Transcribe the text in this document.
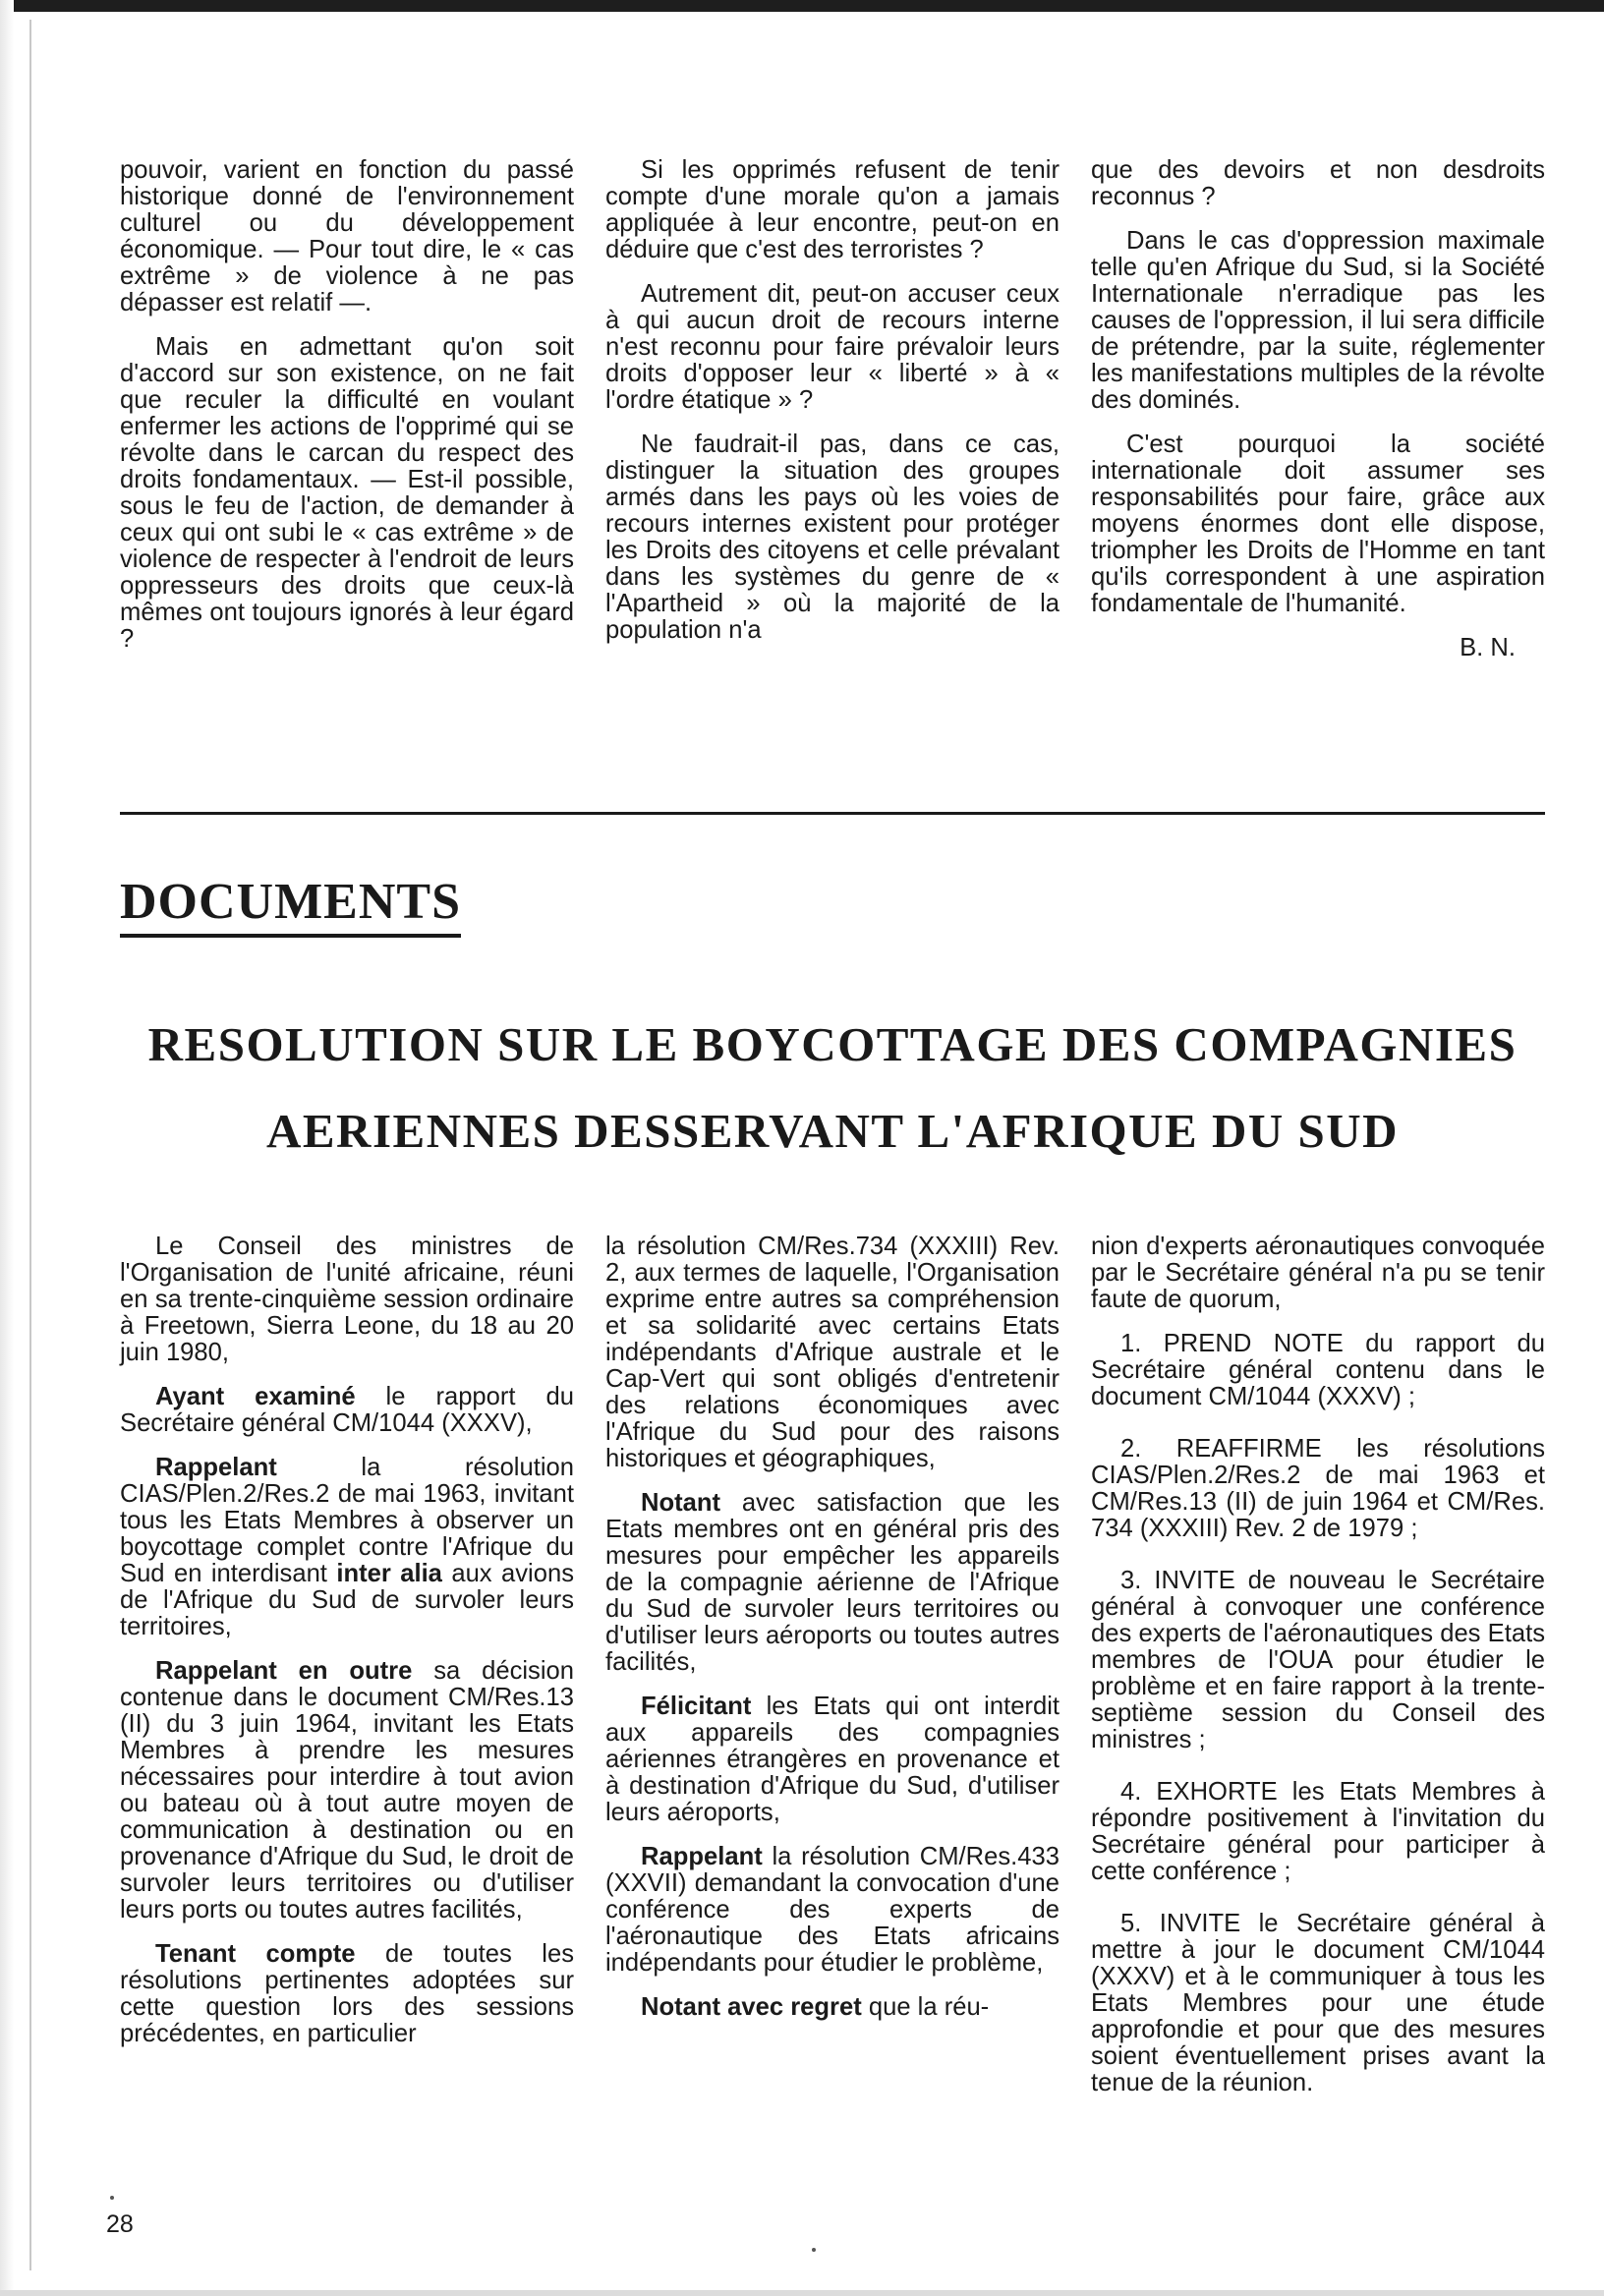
pouvoir, varient en fonction du passé historique donné de l'environnement culturel ou du développement économique. — Pour tout dire, le « cas extrême » de violence à ne pas dépasser est relatif —.

Mais en admettant qu'on soit d'accord sur son existence, on ne fait que reculer la difficulté en voulant enfermer les actions de l'opprimé qui se révolte dans le carcan du respect des droits fondamentaux. — Est-il possible, sous le feu de l'action, de demander à ceux qui ont subi le « cas extrême » de violence de respecter à l'endroit de leurs oppresseurs des droits que ceux-là mêmes ont toujours ignorés à leur égard ?

Si les opprimés refusent de tenir compte d'une morale qu'on a jamais appliquée à leur encontre, peut-on en déduire que c'est des terroristes ?

Autrement dit, peut-on accuser ceux à qui aucun droit de recours interne n'est reconnu pour faire prévaloir leurs droits d'opposer leur « liberté » à « l'ordre étatique » ?

Ne faudrait-il pas, dans ce cas, distinguer la situation des groupes armés dans les pays où les voies de recours internes existent pour protéger les Droits des citoyens et celle prévalant dans les systèmes du genre de « l'Apartheid » où la majorité de la population n'a

que des devoirs et non desdroits reconnus ?

Dans le cas d'oppression maximale telle qu'en Afrique du Sud, si la Société Internationale n'erradique pas les causes de l'oppression, il lui sera difficile de prétendre, par la suite, réglementer les manifestations multiples de la révolte des dominés.

C'est pourquoi la société internationale doit assumer ses responsabilités pour faire, grâce aux moyens énormes dont elle dispose, triompher les Droits de l'Homme en tant qu'ils correspondent à une aspiration fondamentale de l'humanité.

B. N.

DOCUMENTS
RESOLUTION SUR LE BOYCOTTAGE DES COMPAGNIES
AERIENNES DESSERVANT L'AFRIQUE DU SUD

Le Conseil des ministres de l'Organisation de l'unité africaine, réuni en sa trente-cinquième session ordinaire à Freetown, Sierra Leone, du 18 au 20 juin 1980,

Ayant examiné le rapport du Secrétaire général CM/1044 (XXXV),

Rappelant la résolution CIAS/Plen.2/Res.2 de mai 1963, invitant tous les Etats Membres à observer un boycottage complet contre l'Afrique du Sud en interdisant inter alia aux avions de l'Afrique du Sud de survoler leurs territoires,

Rappelant en outre sa décision contenue dans le document CM/Res.13 (II) du 3 juin 1964, invitant les Etats Membres à prendre les mesures nécessaires pour interdire à tout avion ou bateau où à tout autre moyen de communication à destination ou en provenance d'Afrique du Sud, le droit de survoler leurs territoires ou d'utiliser leurs ports ou toutes autres facilités,

Tenant compte de toutes les résolutions pertinentes adoptées sur cette question lors des sessions précédentes, en particulier

la résolution CM/Res.734 (XXXIII) Rev. 2, aux termes de laquelle, l'Organisation exprime entre autres sa compréhension et sa solidarité avec certains Etats indépendants d'Afrique australe et le Cap-Vert qui sont obligés d'entretenir des relations économiques avec l'Afrique du Sud pour des raisons historiques et géographiques,

Notant avec satisfaction que les Etats membres ont en général pris des mesures pour empêcher les appareils de la compagnie aérienne de l'Afrique du Sud de survoler leurs territoires ou d'utiliser leurs aéroports ou toutes autres facilités,

Félicitant les Etats qui ont interdit aux appareils des compagnies aériennes étrangères en provenance et à destination d'Afrique du Sud, d'utiliser leurs aéroports,

Rappelant la résolution CM/Res.433 (XXVII) demandant la convocation d'une conférence des experts de l'aéronautique des Etats africains indépendants pour étudier le problème,

Notant avec regret que la réu-

nion d'experts aéronautiques convoquée par le Secrétaire général n'a pu se tenir faute de quorum,

1. PREND NOTE du rapport du Secrétaire général contenu dans le document CM/1044 (XXXV) ;

2. REAFFIRME les résolutions CIAS/Plen.2/Res.2 de mai 1963 et CM/Res.13 (II) de juin 1964 et CM/Res. 734 (XXXIII) Rev. 2 de 1979 ;

3. INVITE de nouveau le Secrétaire général à convoquer une conférence des experts de l'aéronautiques des Etats membres de l'OUA pour étudier le problème et en faire rapport à la trente-septième session du Conseil des ministres ;

4. EXHORTE les Etats Membres à répondre positivement à l'invitation du Secrétaire général pour participer à cette conférence ;

5. INVITE le Secrétaire général à mettre à jour le document CM/1044 (XXXV) et à le communiquer à tous les Etats Membres pour une étude approfondie et pour que des mesures soient éventuellement prises avant la tenue de la réunion.

28
